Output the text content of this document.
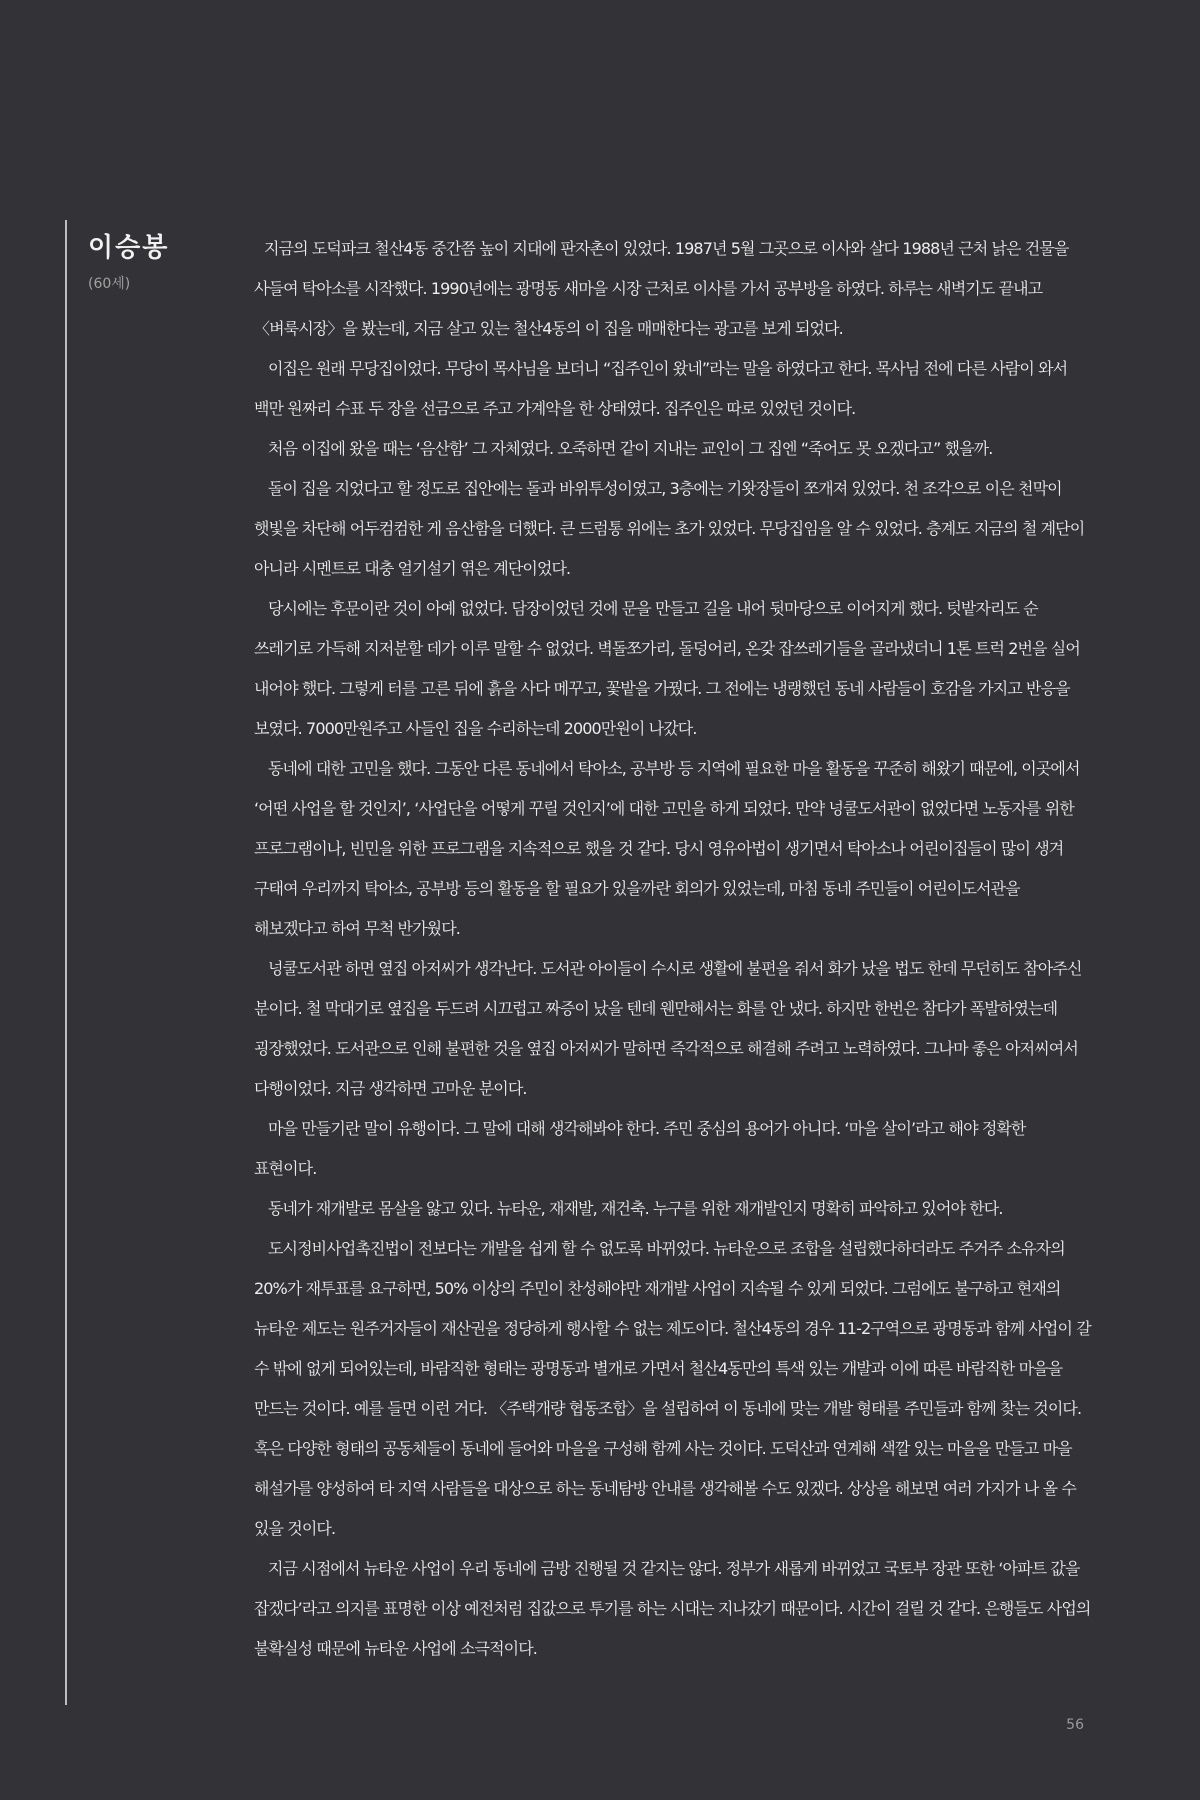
이승봉
(60세)

지금의 도덕파크 철산4동 중간쯤 높이 지대에 판자촌이 있었다. 1987년 5월 그곳으로 이사와 살다 1988년 근처 낡은 건물을 사들여 탁아소를 시작했다. 1990년에는 광명동 새마을 시장 근처로 이사를 가서 공부방을 하였다. 하루는 새벽기도 끝내고 〈벼룩시장〉을 봤는데, 지금 살고 있는 철산4동의 이 집을 매매한다는 광고를 보게 되었다.

이집은 원래 무당집이었다. 무당이 목사님을 보더니 “집주인이 왔네”라는 말을 하였다고 한다. 목사님 전에 다른 사람이 와서 백만 원짜리 수표 두 장을 선금으로 주고 가계약을 한 상태였다. 집주인은 따로 있었던 것이다.

처음 이집에 왔을 때는 ‘음산함’ 그 자체였다. 오죽하면 같이 지내는 교인이 그 집엔 “죽어도 못 오겠다고” 했을까.

돌이 집을 지었다고 할 정도로 집안에는 돌과 바위투성이였고, 3층에는 기왓장들이 쪼개져 있었다. 천 조각으로 이은 천막이 햇빛을 차단해 어두컴컴한 게 음산함을 더했다. 큰 드럼통 위에는 초가 있었다. 무당집임을 알 수 있었다. 층계도 지금의 철 계단이 아니라 시멘트로 대충 얼기설기 엮은 계단이었다.

당시에는 후문이란 것이 아예 없었다. 담장이었던 것에 문을 만들고 길을 내어 뒷마당으로 이어지게 했다. 텃밭자리도 순 쓰레기로 가득해 지저분할 데가 이루 말할 수 없었다. 벽돌쪼가리, 돌덩어리, 온갖 잡쓰레기들을 골라냈더니 1톤 트럭 2번을 실어 내어야 했다. 그렇게 터를 고른 뒤에 흙을 사다 메꾸고, 꽃밭을 가꿨다. 그 전에는 냉랭했던 동네 사람들이 호감을 가지고 반응을 보였다. 7000만원주고 사들인 집을 수리하는데 2000만원이 나갔다.

동네에 대한 고민을 했다. 그동안 다른 동네에서 탁아소, 공부방 등 지역에 필요한 마을 활동을 꾸준히 해왔기 때문에, 이곳에서 ‘어떤 사업을 할 것인지’, ‘사업단을 어떻게 꾸릴 것인지’에 대한 고민을 하게 되었다. 만약 넝쿨도서관이 없었다면 노동자를 위한 프로그램이나, 빈민을 위한 프로그램을 지속적으로 했을 것 같다. 당시 영유아법이 생기면서 탁아소나 어린이집들이 많이 생겨 구태여 우리까지 탁아소, 공부방 등의 활동을 할 필요가 있을까란 회의가 있었는데, 마침 동네 주민들이 어린이도서관을 해보겠다고 하여 무척 반가웠다.

넝쿨도서관 하면 옆집 아저씨가 생각난다. 도서관 아이들이 수시로 생활에 불편을 줘서 화가 났을 법도 한데 무던히도 참아주신 분이다. 철 막대기로 옆집을 두드려 시끄럽고 짜증이 났을 텐데 웬만해서는 화를 안 냈다. 하지만 한번은 참다가 폭발하였는데 굉장했었다. 도서관으로 인해 불편한 것을 옆집 아저씨가 말하면 즉각적으로 해결해 주려고 노력하였다. 그나마 좋은 아저씨여서 다행이었다. 지금 생각하면 고마운 분이다.

마을 만들기란 말이 유행이다. 그 말에 대해 생각해봐야 한다. 주민 중심의 용어가 아니다. ‘마을 살이’라고 해야 정확한 표현이다.

동네가 재개발로 몸살을 앓고 있다. 뉴타운, 재재발, 재건축. 누구를 위한 재개발인지 명확히 파악하고 있어야 한다.

도시정비사업촉진법이 전보다는 개발을 쉽게 할 수 없도록 바뀌었다. 뉴타운으로 조합을 설립했다하더라도 주거주 소유자의 20%가 재투표를 요구하면, 50% 이상의 주민이 찬성해야만 재개발 사업이 지속될 수 있게 되었다. 그럼에도 불구하고 현재의 뉴타운 제도는 원주거자들이 재산권을 정당하게 행사할 수 없는 제도이다. 철산4동의 경우 11-2구역으로 광명동과 함께 사업이 갈 수 밖에 없게 되어있는데, 바람직한 형태는 광명동과 별개로 가면서 철산4동만의 특색 있는 개발과 이에 따른 바람직한 마을을 만드는 것이다. 예를 들면 이런 거다. 〈주택개량 협동조합〉을 설립하여 이 동네에 맞는 개발 형태를 주민들과 함께 찾는 것이다. 혹은 다양한 형태의 공동체들이 동네에 들어와 마을을 구성해 함께 사는 것이다. 도덕산과 연계해 색깔 있는 마을을 만들고 마을 해설가를 양성하여 타 지역 사람들을 대상으로 하는 동네탐방 안내를 생각해볼 수도 있겠다. 상상을 해보면 여러 가지가 나 올 수 있을 것이다.

지금 시점에서 뉴타운 사업이 우리 동네에 금방 진행될 것 같지는 않다. 정부가 새롭게 바뀌었고 국토부 장관 또한 ‘아파트 값을 잡겠다’라고 의지를 표명한 이상 예전처럼 집값으로 투기를 하는 시대는 지나갔기 때문이다. 시간이 걸릴 것 같다. 은행들도 사업의 불확실성 때문에 뉴타운 사업에 소극적이다.

56
